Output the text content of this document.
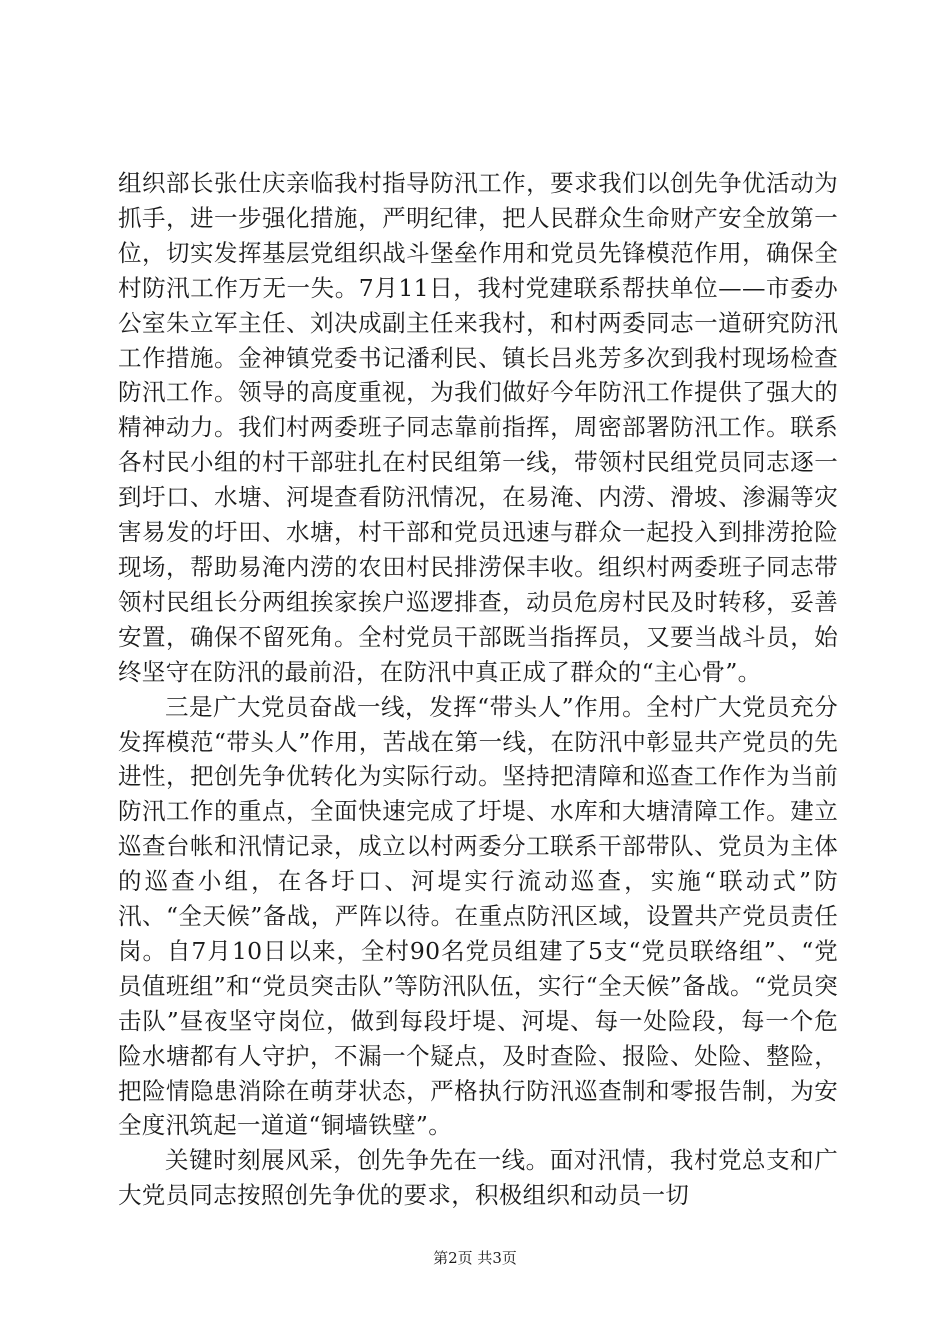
组织部长张仕庆亲临我村指导防汛工作，要求我们以创先争优活动为抓手，进一步强化措施，严明纪律，把人民群众生命财产安全放第一位，切实发挥基层党组织战斗堡垒作用和党员先锋模范作用，确保全村防汛工作万无一失。7月11日，我村党建联系帮扶单位——市委办公室朱立军主任、刘决成副主任来我村，和村两委同志一道研究防汛工作措施。金神镇党委书记潘利民、镇长吕兆芳多次到我村现场检查防汛工作。领导的高度重视，为我们做好今年防汛工作提供了强大的精神动力。我们村两委班子同志靠前指挥，周密部署防汛工作。联系各村民小组的村干部驻扎在村民组第一线，带领村民组党员同志逐一到圩口、水塘、河堤查看防汛情况，在易淹、内涝、滑坡、渗漏等灾害易发的圩田、水塘，村干部和党员迅速与群众一起投入到排涝抢险现场，帮助易淹内涝的农田村民排涝保丰收。组织村两委班子同志带领村民组长分两组挨家挨户巡逻排查，动员危房村民及时转移，妥善安置，确保不留死角。全村党员干部既当指挥员，又要当战斗员，始终坚守在防汛的最前沿，在防汛中真正成了群众的“主心骨”。

三是广大党员奋战一线，发挥“带头人”作用。全村广大党员充分发挥模范“带头人”作用，苦战在第一线，在防汛中彰显共产党员的先进性，把创先争优转化为实际行动。坚持把清障和巡查工作作为当前防汛工作的重点，全面快速完成了圩堤、水库和大塘清障工作。建立巡查台帐和汛情记录，成立以村两委分工联系干部带队、党员为主体的巡查小组，在各圩口、河堤实行流动巡查，实施“联动式”防汛、“全天候”备战，严阵以待。在重点防汛区域，设置共产党员责任岗。自7月10日以来，全村90名党员组建了5支“党员联络组”、“党员值班组”和“党员突击队”等防汛队伍，实行“全天候”备战。“党员突击队”昼夜坚守岗位，做到每段圩堤、河堤、每一处险段，每一个危险水塘都有人守护，不漏一个疑点，及时查险、报险、处险、整险，把险情隐患消除在萌芽状态，严格执行防汛巡查制和零报告制，为安全度汛筑起一道道“铜墙铁壁”。

关键时刻展风采，创先争先在一线。面对汛情，我村党总支和广大党员同志按照创先争优的要求，积极组织和动员一切

第2页 共3页
